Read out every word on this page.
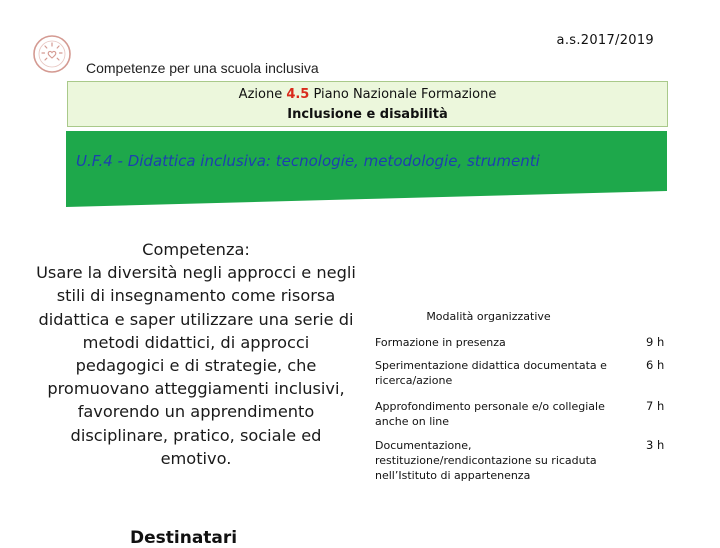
a.s.2017/2019
Competenze per una scuola inclusiva
Azione 4.5 Piano Nazionale Formazione
Inclusione e disabilità
U.F.4 - Didattica inclusiva: tecnologie, metodologie, strumenti
Competenza:
Usare la diversità negli approcci e negli stili di insegnamento come risorsa didattica e saper utilizzare una serie di metodi didattici, di approcci pedagogici e di strategie, che promuovano atteggiamenti inclusivi, favorendo un apprendimento disciplinare, pratico, sociale ed emotivo.
Destinatari
Modalità organizzative
Formazione in presenza	9 h
Sperimentazione didattica documentata e ricerca/azione
6 h
Approfondimento personale e/o collegiale anche on line
7 h
Documentazione, restituzione/rendicontazione su ricaduta nell’Istituto di appartenenza
3 h
